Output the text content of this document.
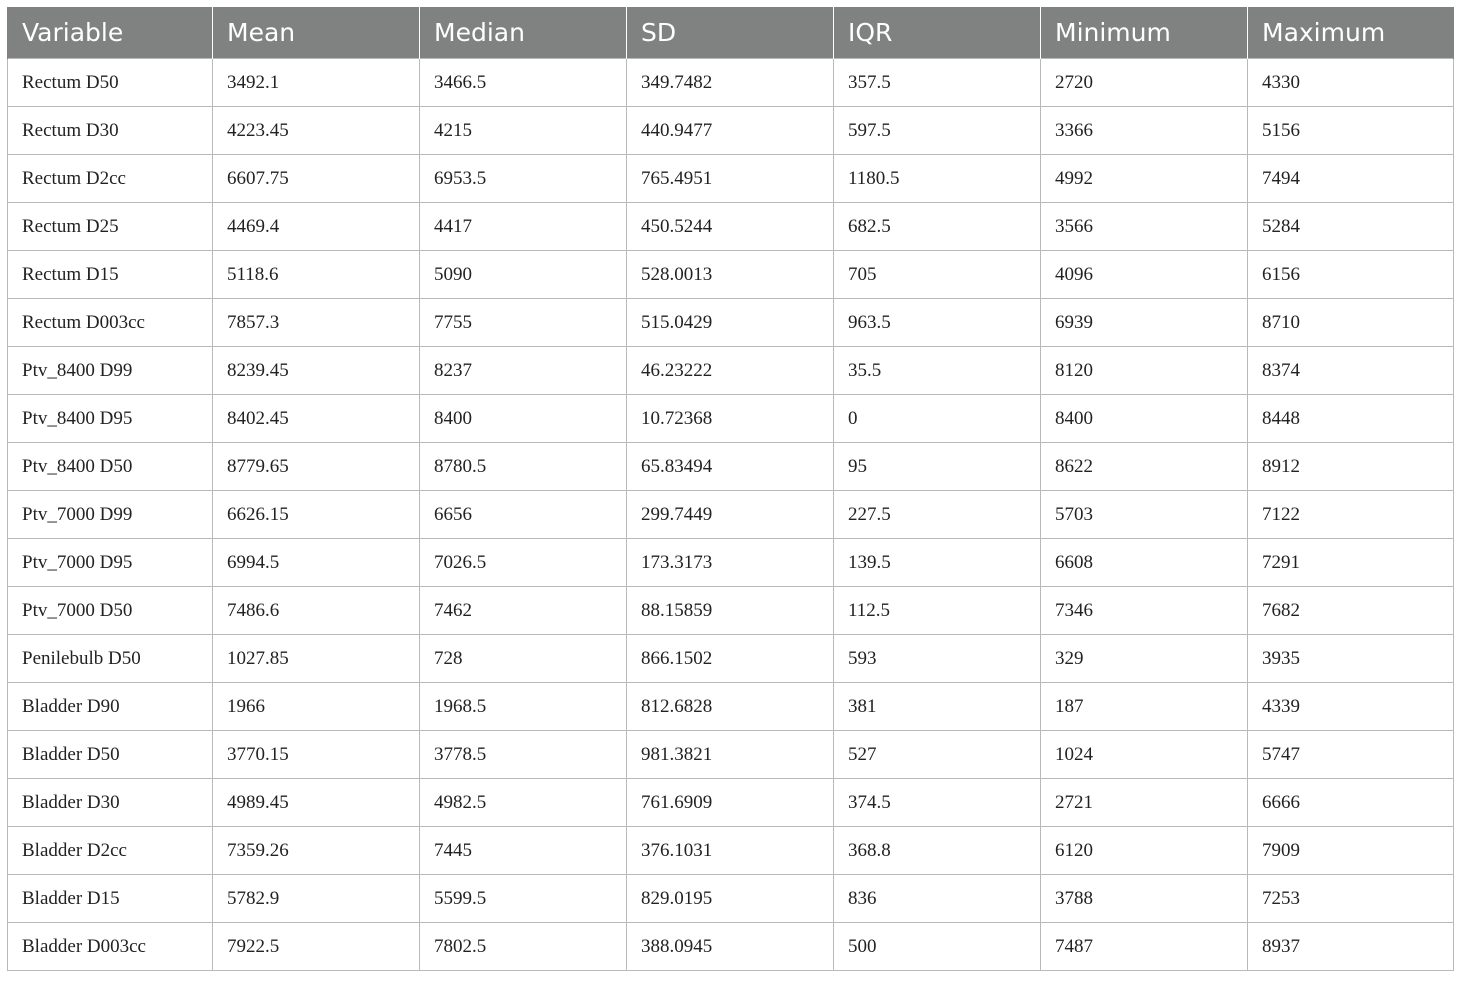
Variable	Mean	Median	SD	IQR	Minimum	Maximum
Rectum D50	3492.1	3466.5	349.7482	357.5	2720	4330
Rectum D30	4223.45	4215	440.9477	597.5	3366	5156
Rectum D2cc	6607.75	6953.5	765.4951	1180.5	4992	7494
Rectum D25	4469.4	4417	450.5244	682.5	3566	5284
Rectum D15	5118.6	5090	528.0013	705	4096	6156
Rectum D003cc	7857.3	7755	515.0429	963.5	6939	8710
Ptv_8400 D99	8239.45	8237	46.23222	35.5	8120	8374
Ptv_8400 D95	8402.45	8400	10.72368	0	8400	8448
Ptv_8400 D50	8779.65	8780.5	65.83494	95	8622	8912
Ptv_7000 D99	6626.15	6656	299.7449	227.5	5703	7122
Ptv_7000 D95	6994.5	7026.5	173.3173	139.5	6608	7291
Ptv_7000 D50	7486.6	7462	88.15859	112.5	7346	7682
Penilebulb D50	1027.85	728	866.1502	593	329	3935
Bladder D90	1966	1968.5	812.6828	381	187	4339
Bladder D50	3770.15	3778.5	981.3821	527	1024	5747
Bladder D30	4989.45	4982.5	761.6909	374.5	2721	6666
Bladder D2cc	7359.26	7445	376.1031	368.8	6120	7909
Bladder D15	5782.9	5599.5	829.0195	836	3788	7253
Bladder D003cc	7922.5	7802.5	388.0945	500	7487	8937
